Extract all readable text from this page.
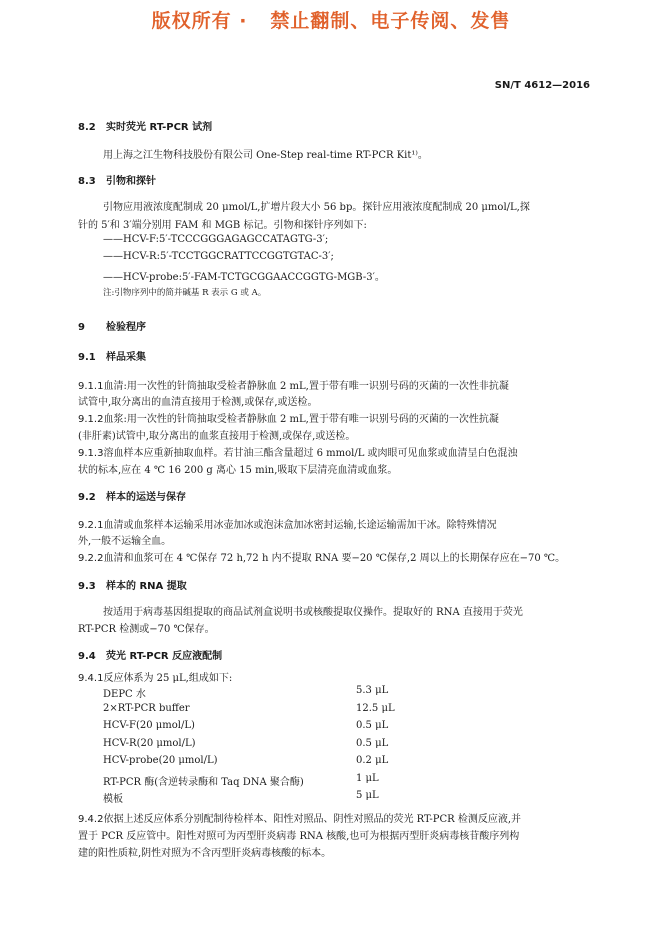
版权所有 ·   禁止翻制、电子传阅、发售
SN/T 4612—2016
8.2 实时荧光 RT-PCR 试剂
用上海之江生物科技股份有限公司 One-Step real-time RT-PCR Kit¹⁾。
8.3 引物和探针
引物应用液浓度配制成 20 μmol/L,扩增片段大小 56 bp。探针应用液浓度配制成 20 μmol/L,探
针的 5′和 3′端分别用 FAM 和 MGB 标记。引物和探针序列如下:
——HCV-F:5′-TCCCGGGAGAGCCATAGTG-3′;
——HCV-R:5′-TCCTGGCRATTCCGGTGTAC-3′;
——HCV-probe:5′-FAM-TCTGCGGAACCGGTG-MGB-3′。
注:引物序列中的简并碱基 R 表示 G 或 A。
9 检验程序
9.1 样品采集
9.1.1血清:用一次性的针筒抽取受检者静脉血 2 mL,置于带有唯一识别号码的灭菌的一次性非抗凝
试管中,取分离出的血清直接用于检测,或保存,或送检。
9.1.2血浆:用一次性的针筒抽取受检者静脉血 2 mL,置于带有唯一识别号码的灭菌的一次性抗凝
(非肝素)试管中,取分离出的血浆直接用于检测,或保存,或送检。
9.1.3溶血样本应重新抽取血样。若甘油三酯含量超过 6 mmol/L 或肉眼可见血浆或血清呈白色混浊
状的标本,应在 4 ℃ 16 200 g 离心 15 min,吸取下层清亮血清或血浆。
9.2 样本的运送与保存
9.2.1血清或血浆样本运输采用冰壶加冰或泡沫盒加冰密封运输,长途运输需加干冰。除特殊情况
外,一般不运输全血。
9.2.2血清和血浆可在 4 ℃保存 72 h,72 h 内不提取 RNA 要−20 ℃保存,2 周以上的长期保存应在−70 ℃。
9.3 样本的 RNA 提取
按适用于病毒基因组提取的商品试剂盒说明书或核酸提取仪操作。提取好的 RNA 直接用于荧光
RT-PCR 检测或−70 ℃保存。
9.4 荧光 RT-PCR 反应液配制
9.4.1反应体系为 25 μL,组成如下:
DEPC 水	5.3 μL
2×RT-PCR buffer	12.5 μL
HCV-F(20 μmol/L)	0.5 μL
HCV-R(20 μmol/L)	0.5 μL
HCV-probe(20 μmol/L)	0.2 μL
RT-PCR 酶(含逆转录酶和 Taq DNA 聚合酶)	1 μL
模板	5 μL
9.4.2依据上述反应体系分别配制待检样本、阳性对照品、阴性对照品的荧光 RT-PCR 检测反应液,并
置于 PCR 反应管中。阳性对照可为丙型肝炎病毒 RNA 核酸,也可为根据丙型肝炎病毒核苷酸序列构
建的阳性质粒,阴性对照为不含丙型肝炎病毒核酸的标本。
